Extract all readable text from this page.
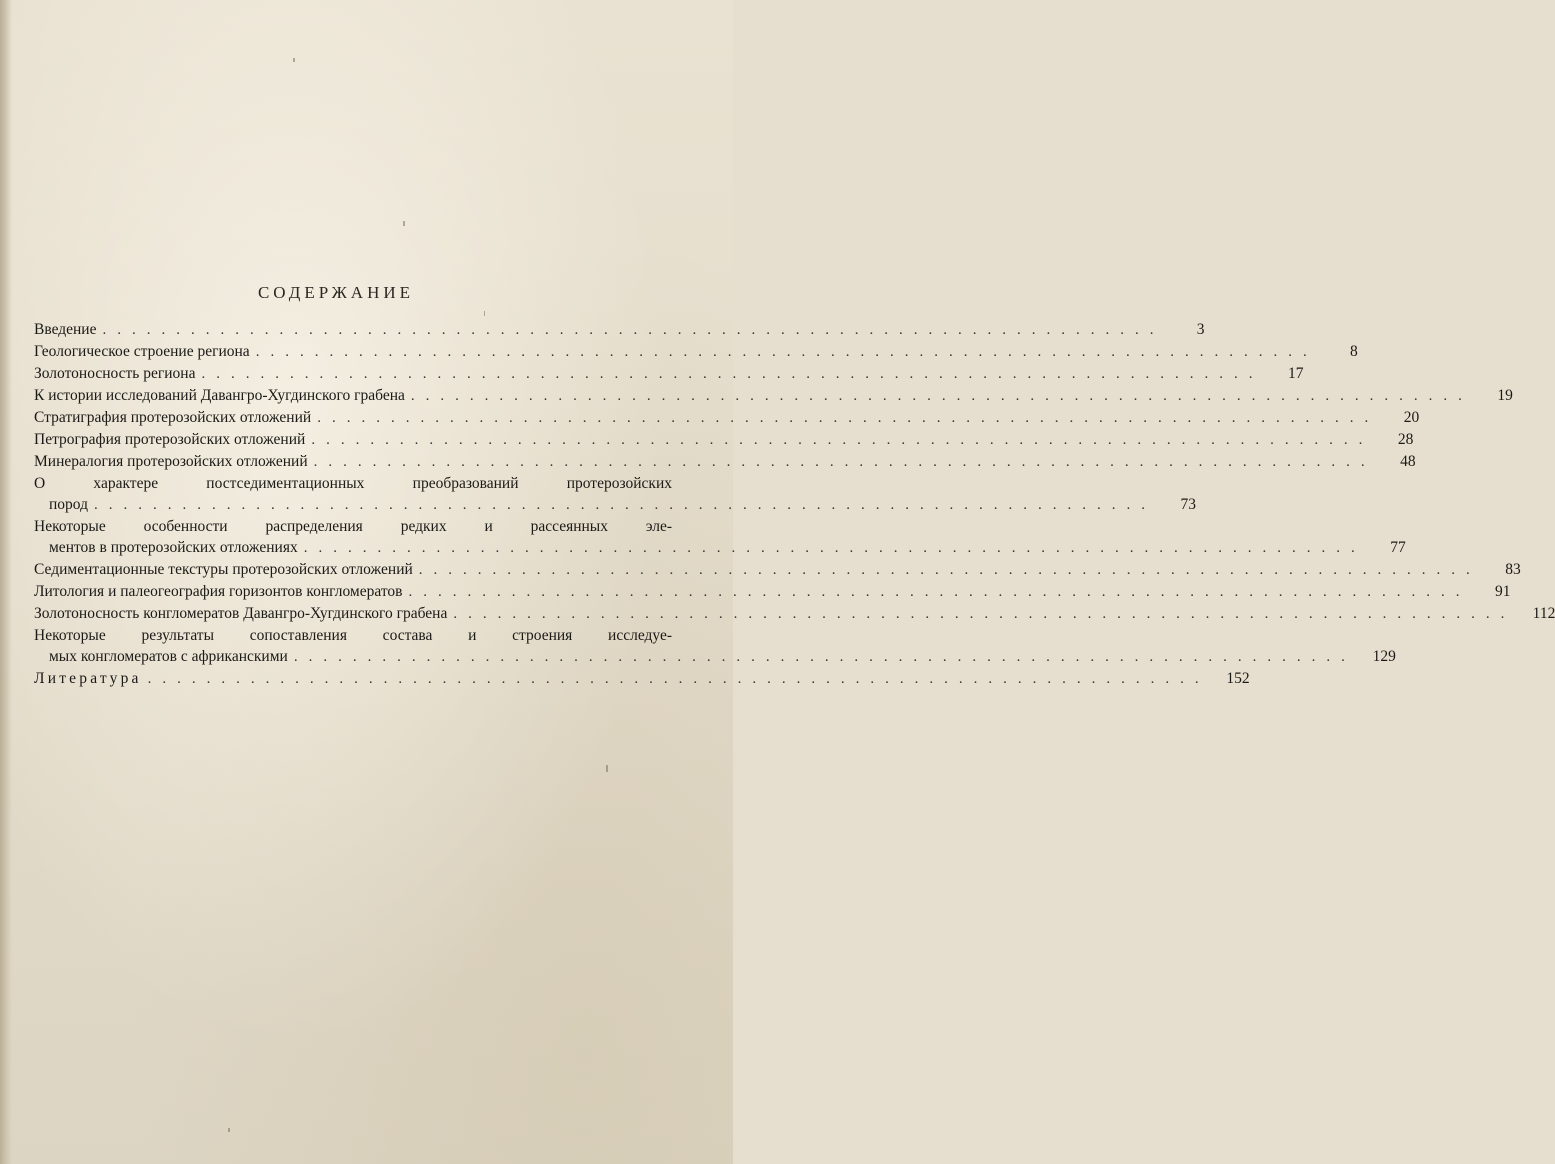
СОДЕРЖАНИЕ
Введение ........................................................................	3
Геологическое строение региона ........................................................................	8
Золотоносность региона ........................................................................	17
К истории исследований Давангро-Хугдинского грабена ........................................................................	19
Стратиграфия протерозойских отложений ........................................................................	20
Петрография протерозойских отложений ........................................................................	28
Минералогия протерозойских отложений ........................................................................	48
О характере постседиментационных преобразований протерозойских
пород ........................................................................	73
Некоторые особенности распределения редких и рассеянных эле-
ментов в протерозойских отложениях ........................................................................	77
Седиментационные текстуры протерозойских отложений ........................................................................	83
Литология и палеогеография горизонтов конгломератов ........................................................................	91
Золотоносность конгломератов Давангро-Хугдинского грабена ........................................................................	112
Некоторые результаты сопоставления состава и строения исследуе-
мых конгломератов с африканскими ........................................................................	129
Литература ........................................................................	152
